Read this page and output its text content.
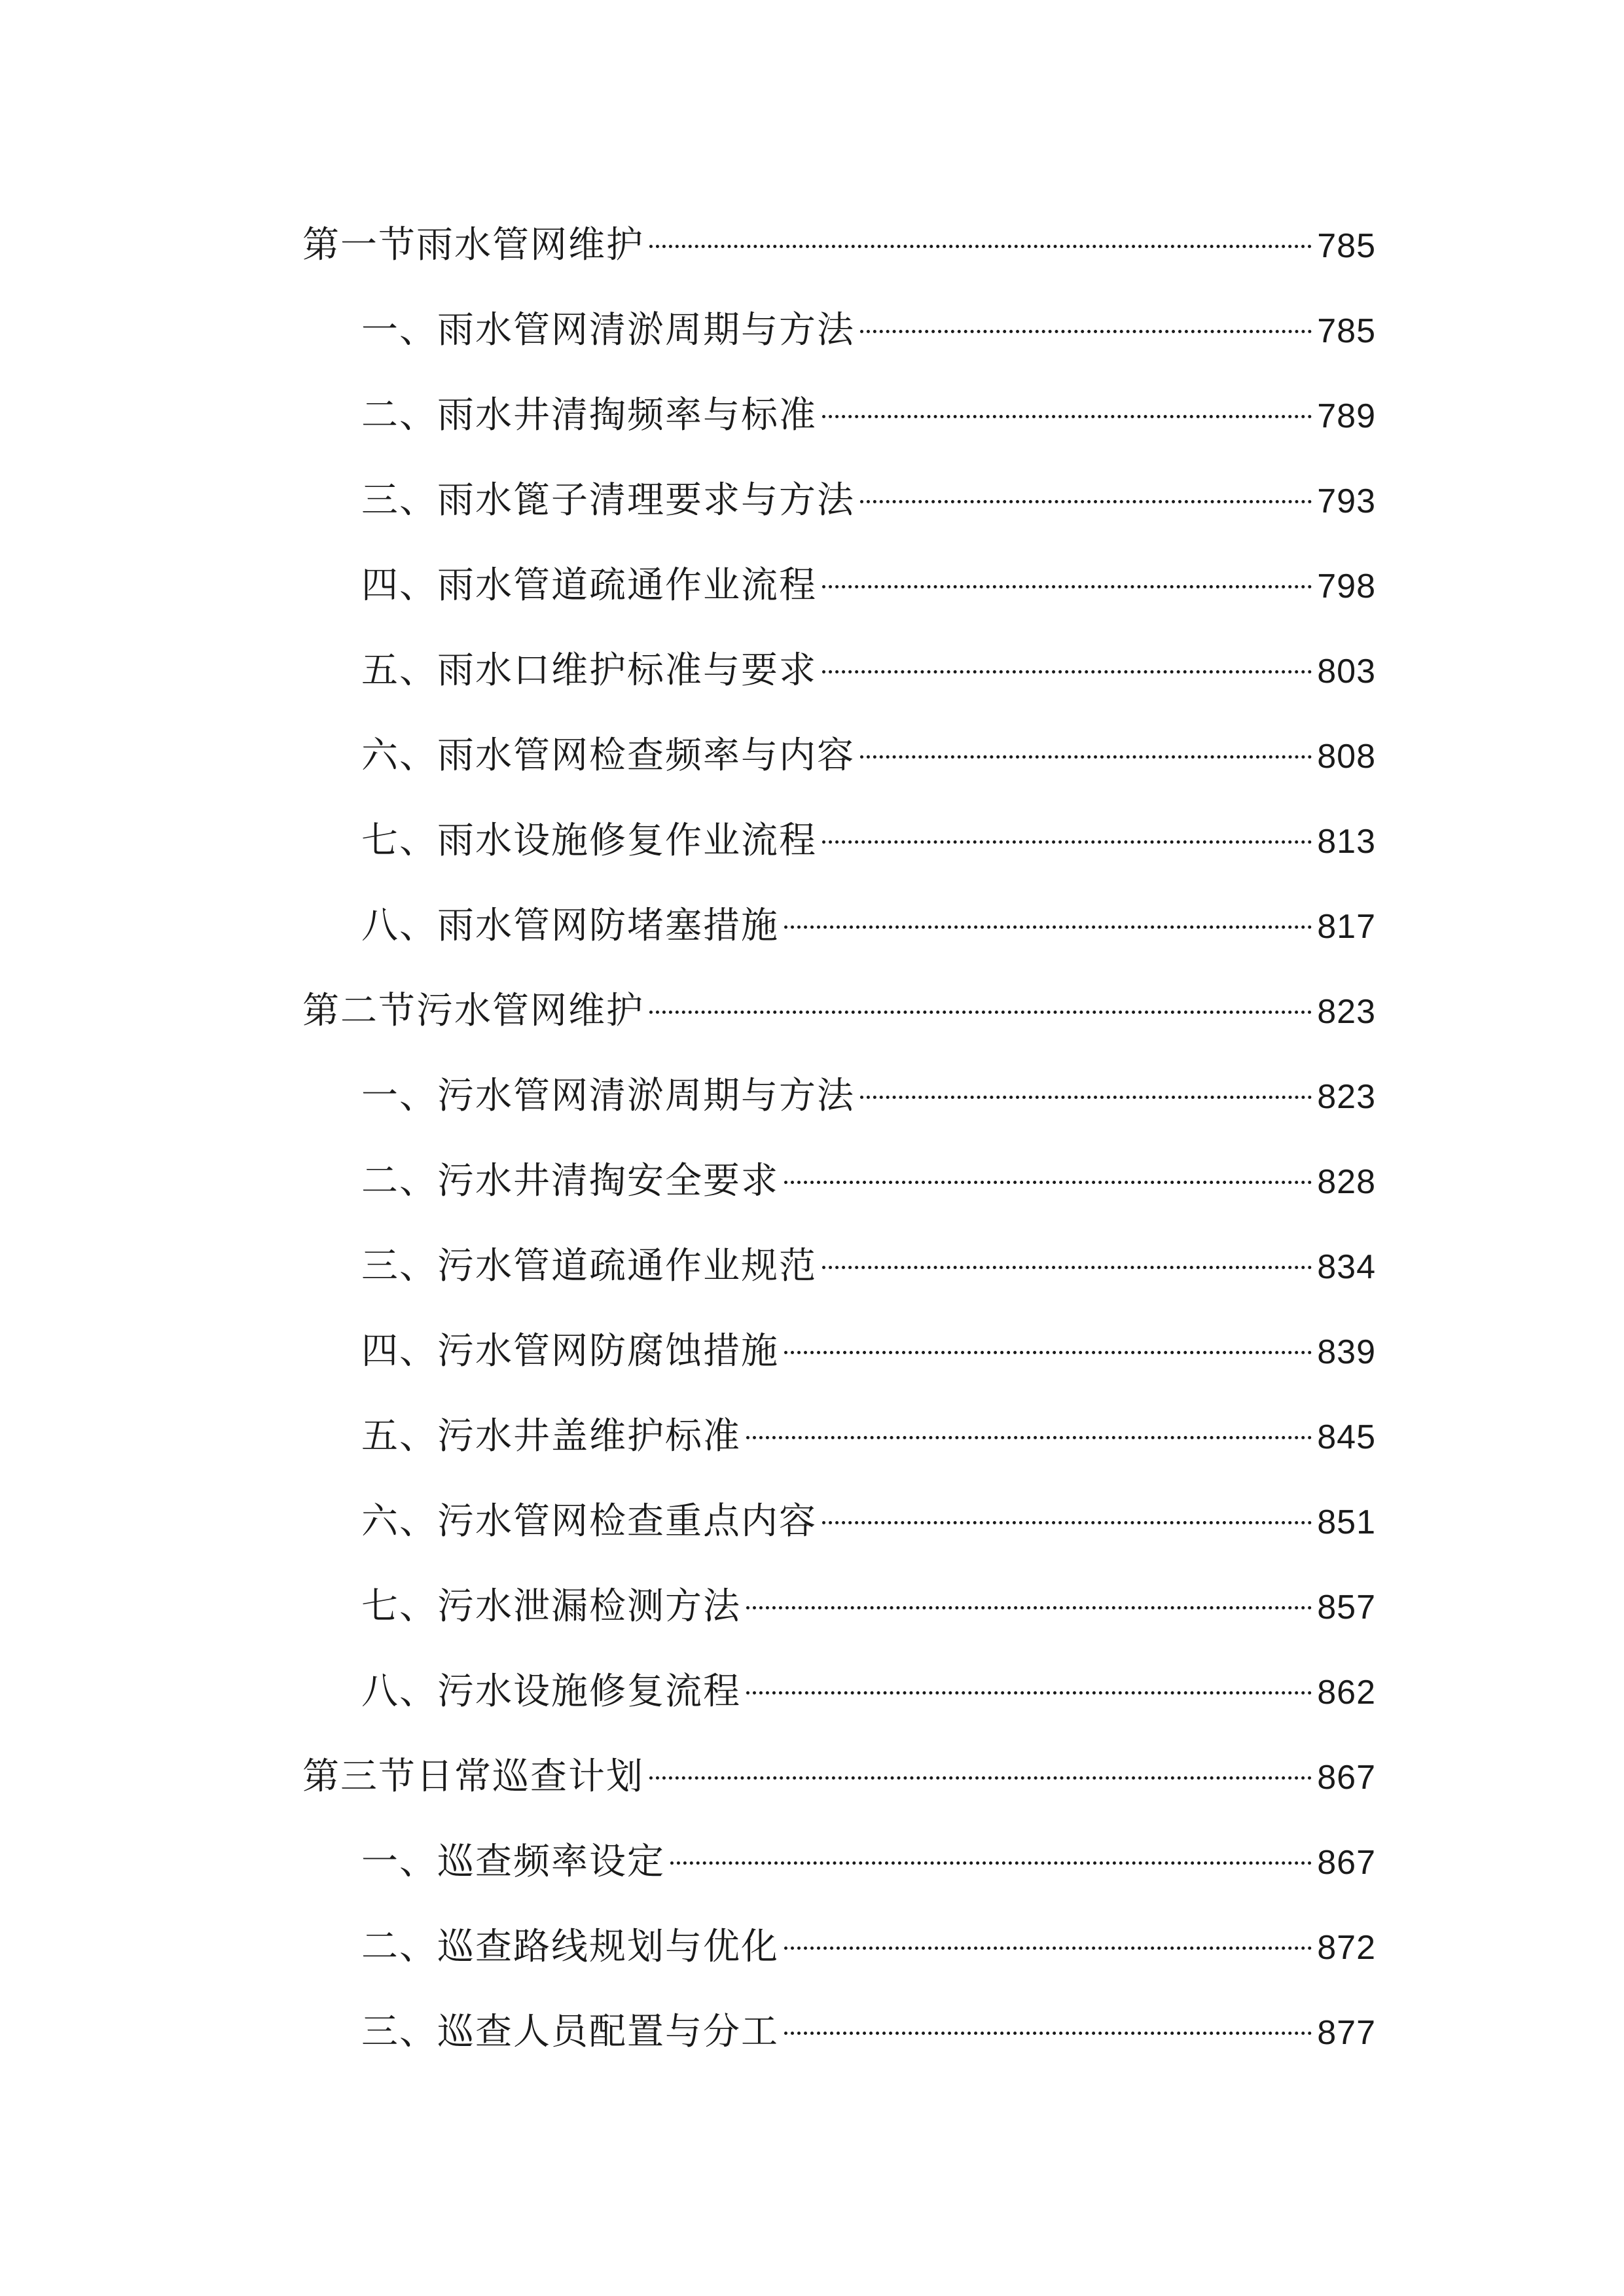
第一节雨水管网维护	785
一、雨水管网清淤周期与方法	785
二、雨水井清掏频率与标准	789
三、雨水篦子清理要求与方法	793
四、雨水管道疏通作业流程	798
五、雨水口维护标准与要求	803
六、雨水管网检查频率与内容	808
七、雨水设施修复作业流程	813
八、雨水管网防堵塞措施	817
第二节污水管网维护	823
一、污水管网清淤周期与方法	823
二、污水井清掏安全要求	828
三、污水管道疏通作业规范	834
四、污水管网防腐蚀措施	839
五、污水井盖维护标准	845
六、污水管网检查重点内容	851
七、污水泄漏检测方法	857
八、污水设施修复流程	862
第三节日常巡查计划	867
一、巡查频率设定	867
二、巡查路线规划与优化	872
三、巡查人员配置与分工	877
